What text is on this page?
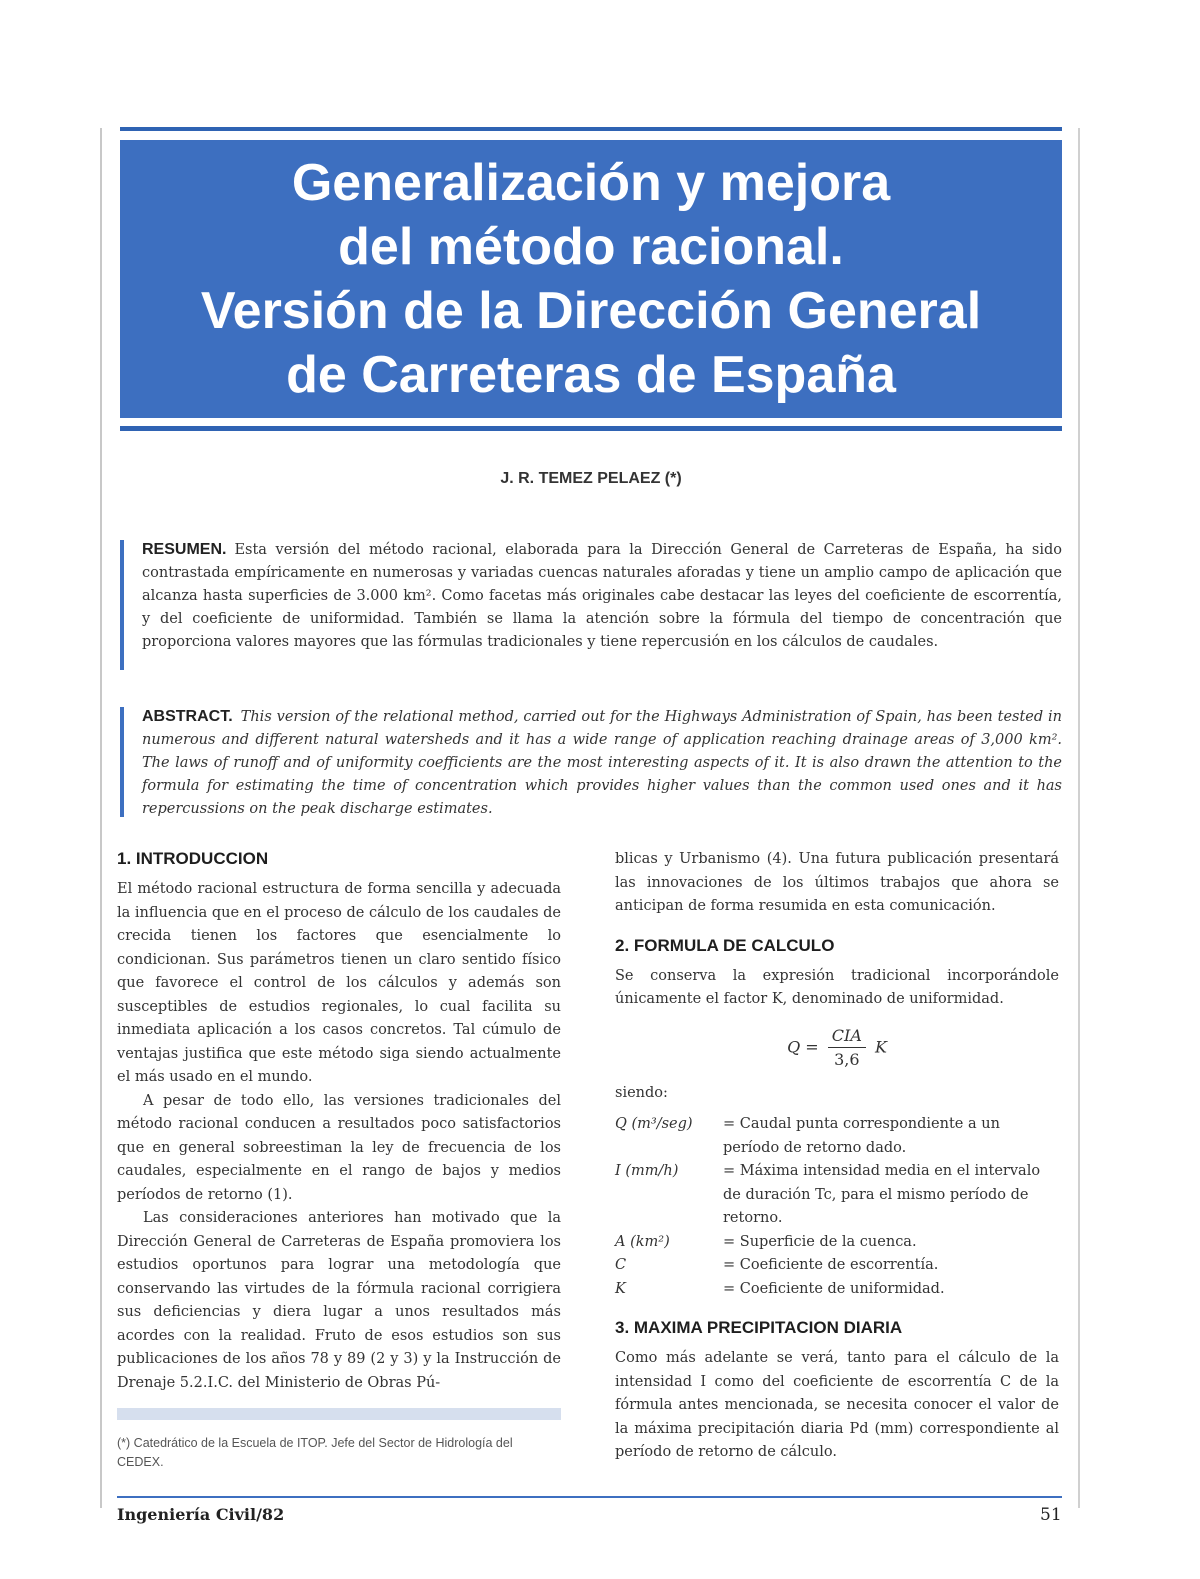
Generalización y mejora
del método racional.
Versión de la Dirección General
de Carreteras de España
J. R. TEMEZ PELAEZ (*)
RESUMEN. Esta versión del método racional, elaborada para la Dirección General de Carreteras de España, ha sido contrastada empíricamente en numerosas y variadas cuencas naturales aforadas y tiene un amplio campo de aplicación que alcanza hasta superficies de 3.000 km². Como facetas más originales cabe destacar las leyes del coeficiente de escorrentía, y del coeficiente de uniformidad. También se llama la atención sobre la fórmula del tiempo de concentración que proporciona valores mayores que las fórmulas tradicionales y tiene repercusión en los cálculos de caudales.
ABSTRACT. This version of the relational method, carried out for the Highways Administration of Spain, has been tested in numerous and different natural watersheds and it has a wide range of application reaching drainage areas of 3,000 km². The laws of runoff and of uniformity coefficients are the most interesting aspects of it. It is also drawn the attention to the formula for estimating the time of concentration which provides higher values than the common used ones and it has repercussions on the peak discharge estimates.
1. INTRODUCCION

El método racional estructura de forma sencilla y adecuada la influencia que en el proceso de cálculo de los caudales de crecida tienen los factores que esencialmente lo condicionan. Sus parámetros tienen un claro sentido físico que favorece el control de los cálculos y además son susceptibles de estudios regionales, lo cual facilita su inmediata aplicación a los casos concretos. Tal cúmulo de ventajas justifica que este método siga siendo actualmente el más usado en el mundo.

A pesar de todo ello, las versiones tradicionales del método racional conducen a resultados poco satisfactorios que en general sobreestiman la ley de frecuencia de los caudales, especialmente en el rango de bajos y medios períodos de retorno (1).

Las consideraciones anteriores han motivado que la Dirección General de Carreteras de España promoviera los estudios oportunos para lograr una metodología que conservando las virtudes de la fórmula racional corrigiera sus deficiencias y diera lugar a unos resultados más acordes con la realidad. Fruto de esos estudios son sus publicaciones de los años 78 y 89 (2 y 3) y la Instrucción de Drenaje 5.2.I.C. del Ministerio de Obras Pú-

(*) Catedrático de la Escuela de ITOP. Jefe del Sector de Hidrología del CEDEX.

blicas y Urbanismo (4). Una futura publicación presentará las innovaciones de los últimos trabajos que ahora se anticipan de forma resumida en esta comunicación.

2. FORMULA DE CALCULO

Se conserva la expresión tradicional incorporándole únicamente el factor K, denominado de uniformidad.

$Q = \frac{\text{CIA}}{3,6}$ K

siendo:

Q (m³/seg)	= Caudal punta correspondiente a un período de retorno dado.
I (mm/h)	= Máxima intensidad media en el intervalo de duración Tc, para el mismo período de retorno.
A (km²)	= Superficie de la cuenca.
C	= Coeficiente de escorrentía.
K	= Coeficiente de uniformidad.
3. MAXIMA PRECIPITACION DIARIA

Como más adelante se verá, tanto para el cálculo de la intensidad I como del coeficiente de escorrentía C de la fórmula antes mencionada, se necesita conocer el valor de la máxima precipitación diaria Pd (mm) correspondiente al período de retorno de cálculo.

Ingeniería Civil/82	51
